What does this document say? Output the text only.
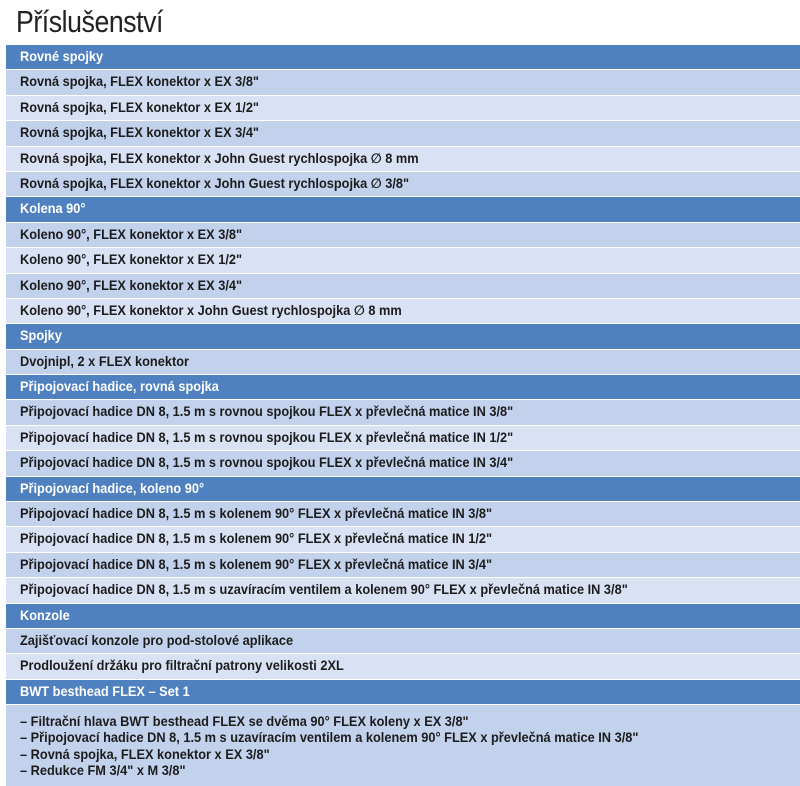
Příslušenství
Rovné spojky
Rovná spojka, FLEX konektor x EX 3/8"
Rovná spojka, FLEX konektor x EX 1/2"
Rovná spojka, FLEX konektor x EX 3/4"
Rovná spojka, FLEX konektor x John Guest rychlospojka ∅ 8 mm
Rovná spojka, FLEX konektor x John Guest rychlospojka ∅ 3/8"
Kolena 90°
Koleno 90°, FLEX konektor x EX 3/8"
Koleno 90°, FLEX konektor x EX 1/2"
Koleno 90°, FLEX konektor x EX 3/4"
Koleno 90°, FLEX konektor x John Guest rychlospojka ∅ 8 mm
Spojky
Dvojnipl, 2 x FLEX konektor
Připojovací hadice, rovná spojka
Připojovací hadice DN 8, 1.5 m s rovnou spojkou FLEX x převlečná matice IN 3/8"
Připojovací hadice DN 8, 1.5 m s rovnou spojkou FLEX x převlečná matice IN 1/2"
Připojovací hadice DN 8, 1.5 m s rovnou spojkou FLEX x převlečná matice IN 3/4"
Připojovací hadice, koleno 90°
Připojovací hadice DN 8, 1.5 m s kolenem 90° FLEX x převlečná matice IN 3/8"
Připojovací hadice DN 8, 1.5 m s kolenem 90° FLEX x převlečná matice IN 1/2"
Připojovací hadice DN 8, 1.5 m s kolenem 90° FLEX x převlečná matice IN 3/4"
Připojovací hadice DN 8, 1.5 m s uzavíracím ventilem a kolenem 90° FLEX x převlečná matice IN 3/8"
Konzole
Zajišťovací konzole pro pod-stolové aplikace
Prodloužení držáku pro filtrační patrony velikosti 2XL
BWT besthead FLEX – Set 1
– Filtrační hlava BWT besthead FLEX se dvěma 90° FLEX koleny x EX 3/8"
– Připojovací hadice DN 8, 1.5 m s uzavíracím ventilem a kolenem 90° FLEX x převlečná matice IN 3/8"
– Rovná spojka, FLEX konektor x EX 3/8"
– Redukce FM 3/4" x M 3/8"
